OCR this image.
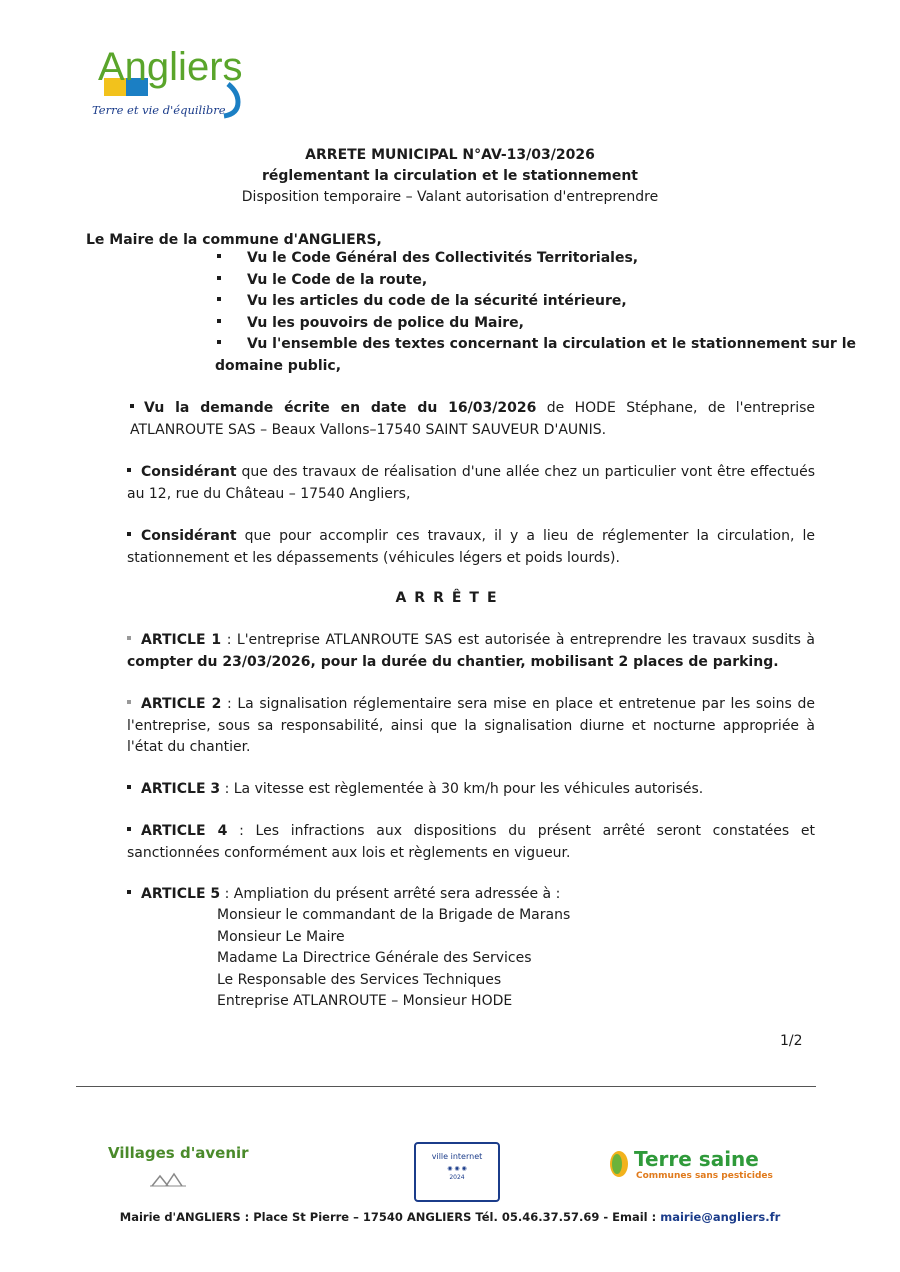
Angliers
Terre et vie d'équilibre
ARRETE MUNICIPAL N°AV-13/03/2026
réglementant la circulation et le stationnement
Disposition temporaire – Valant autorisation d'entreprendre
Le Maire de la commune d'ANGLIERS,
Vu le Code Général des Collectivités Territoriales,
Vu le Code de la route,
Vu les articles du code de la sécurité intérieure,
Vu les pouvoirs de police du Maire,
Vu l'ensemble des textes concernant la circulation et le stationnement sur le
domaine public,
Vu la demande écrite en date du 16/03/2026 de HODE Stéphane, de l'entreprise ATLANROUTE SAS – Beaux Vallons–17540 SAINT SAUVEUR D'AUNIS.
Considérant que des travaux de réalisation d'une allée chez un particulier vont être effectués au 12, rue du Château – 17540 Angliers,
Considérant que pour accomplir ces travaux, il y a lieu de réglementer la circulation, le stationnement et les dépassements (véhicules légers et poids lourds).
ARRÊTE
ARTICLE 1 : L'entreprise ATLANROUTE SAS est autorisée à entreprendre les travaux susdits à compter du 23/03/2026, pour la durée du chantier, mobilisant 2 places de parking.
ARTICLE 2 : La signalisation réglementaire sera mise en place et entretenue par les soins de l'entreprise, sous sa responsabilité, ainsi que la signalisation diurne et nocturne appropriée à l'état du chantier.
ARTICLE 3 : La vitesse est règlementée à 30 km/h pour les véhicules autorisés.
ARTICLE 4 : Les infractions aux dispositions du présent arrêté seront constatées et sanctionnées conformément aux lois et règlements en vigueur.
ARTICLE 5 : Ampliation du présent arrêté sera adressée à :
Monsieur le commandant de la Brigade de Marans
Monsieur Le Maire
Madame La Directrice Générale des Services
Le Responsable des Services Techniques
Entreprise ATLANROUTE – Monsieur HODE
1/2
Villages d'avenir	ville internet
◉ ◉ ◉
2024
Terre saine
Communes sans pesticides
Mairie d'ANGLIERS : Place St Pierre – 17540 ANGLIERS Tél. 05.46.37.57.69 - Email : mairie@angliers.fr
